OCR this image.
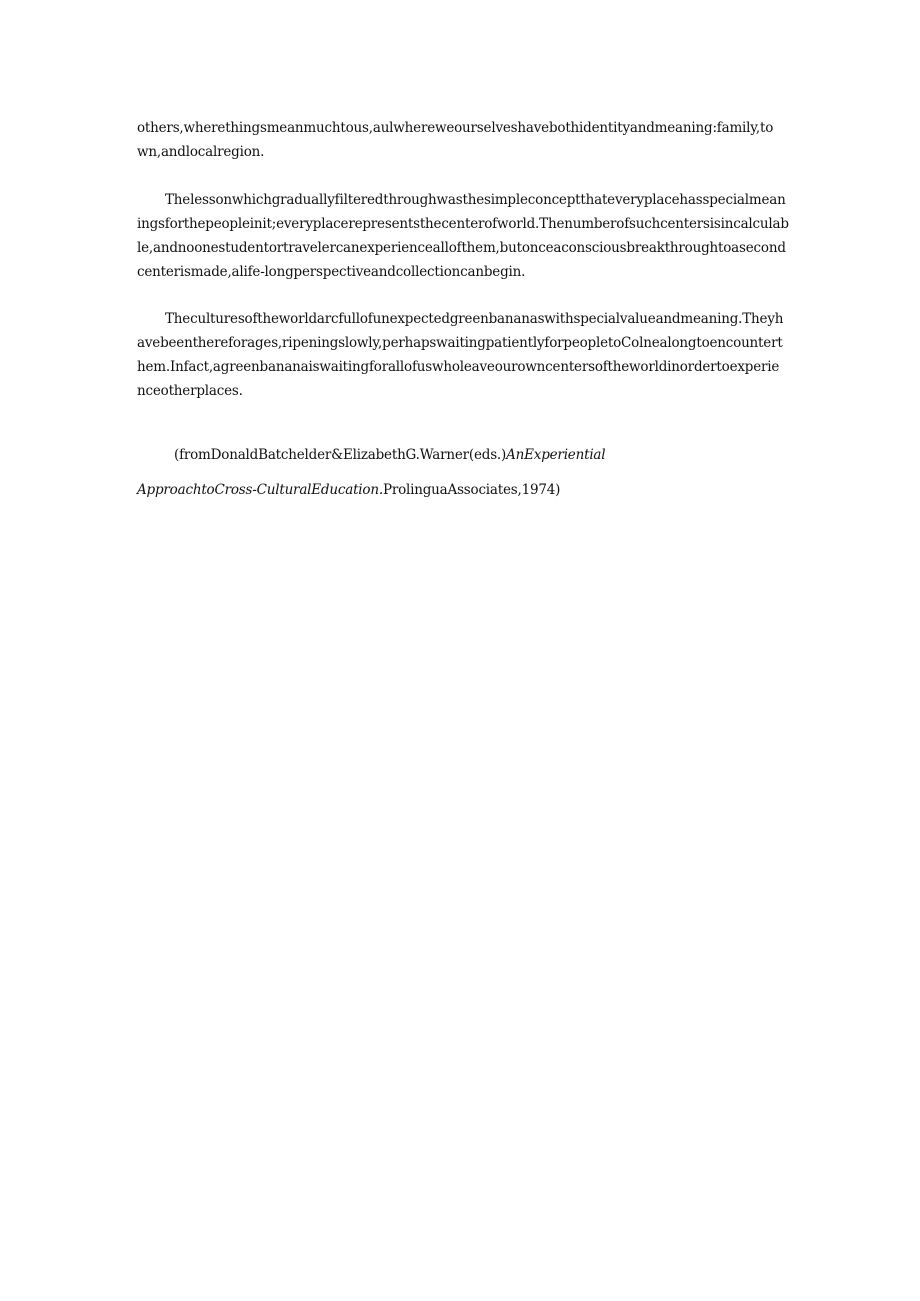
others,wherethingsmeanmuchtous,aulwhereweourselveshavebothidentityandmeaning:family,to
wn,andlocalregion.
Thelessonwhichgraduallyfilteredthroughwasthesimpleconceptthateveryplacehasspecialmean
ingsforthepeopleinit;everyplacerepresentsthecenterofworld.Thenumberofsuchcentersisincalculab
le,andnoonestudentortravelercanexperienceallofthem,butonceaconsciousbreakthroughtoasecond
centerismade,alife-longperspectiveandcollectioncanbegin.
Theculturesoftheworldarcfullofunexpectedgreenbananaswithspecialvalueandmeaning.Theyh
avebeenthereforages,ripeningslowly,perhapswaitingpatientlyforpeopletoColnealongtoencountert
hem.Infact,agreenbananaiswaitingforallofuswholeaveourowncentersoftheworldinordertoexperie
nceotherplaces.
(fromDonaldBatchelder&ElizabethG.Warner(eds.)AnExperiential
ApproachtoCross-CulturalEducation.ProlinguaAssociates,1974)
